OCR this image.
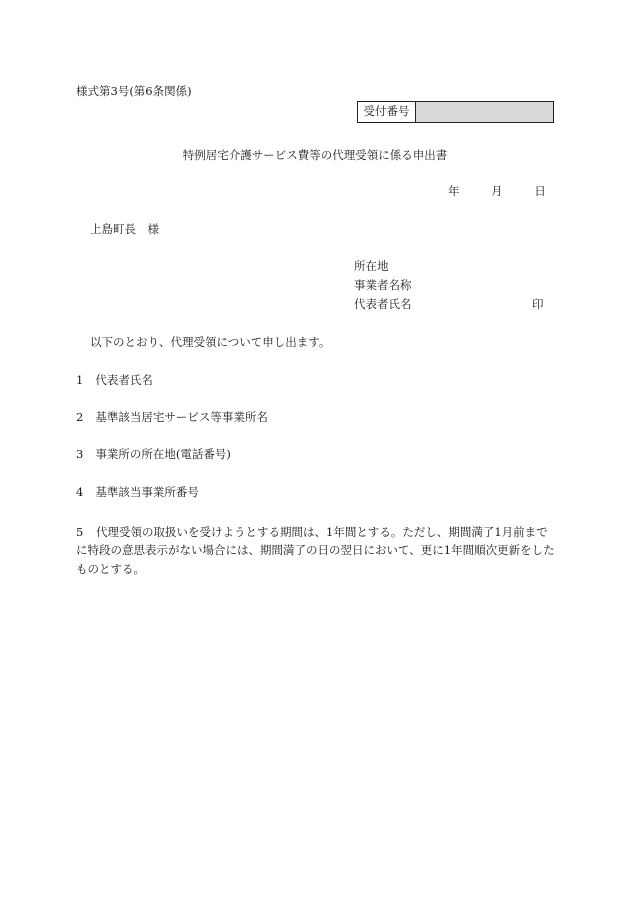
様式第3号(第6条関係)
受付番号
特例居宅介護サービス費等の代理受領に係る申出書
年	月	日
上島町長　様
所在地
事業者名称
代表者氏名	印
以下のとおり、代理受領について申し出ます。
1 代表者氏名
2 基準該当居宅サービス等事業所名
3 事業所の所在地(電話番号)
4 基準該当事業所番号
5	代理受領の取扱いを受けようとする期間は、1年間とする。ただし、期間満了1月前までに特段の意思表示がない場合には、期間満了の日の翌日において、更に1年間順次更新をしたものとする。
